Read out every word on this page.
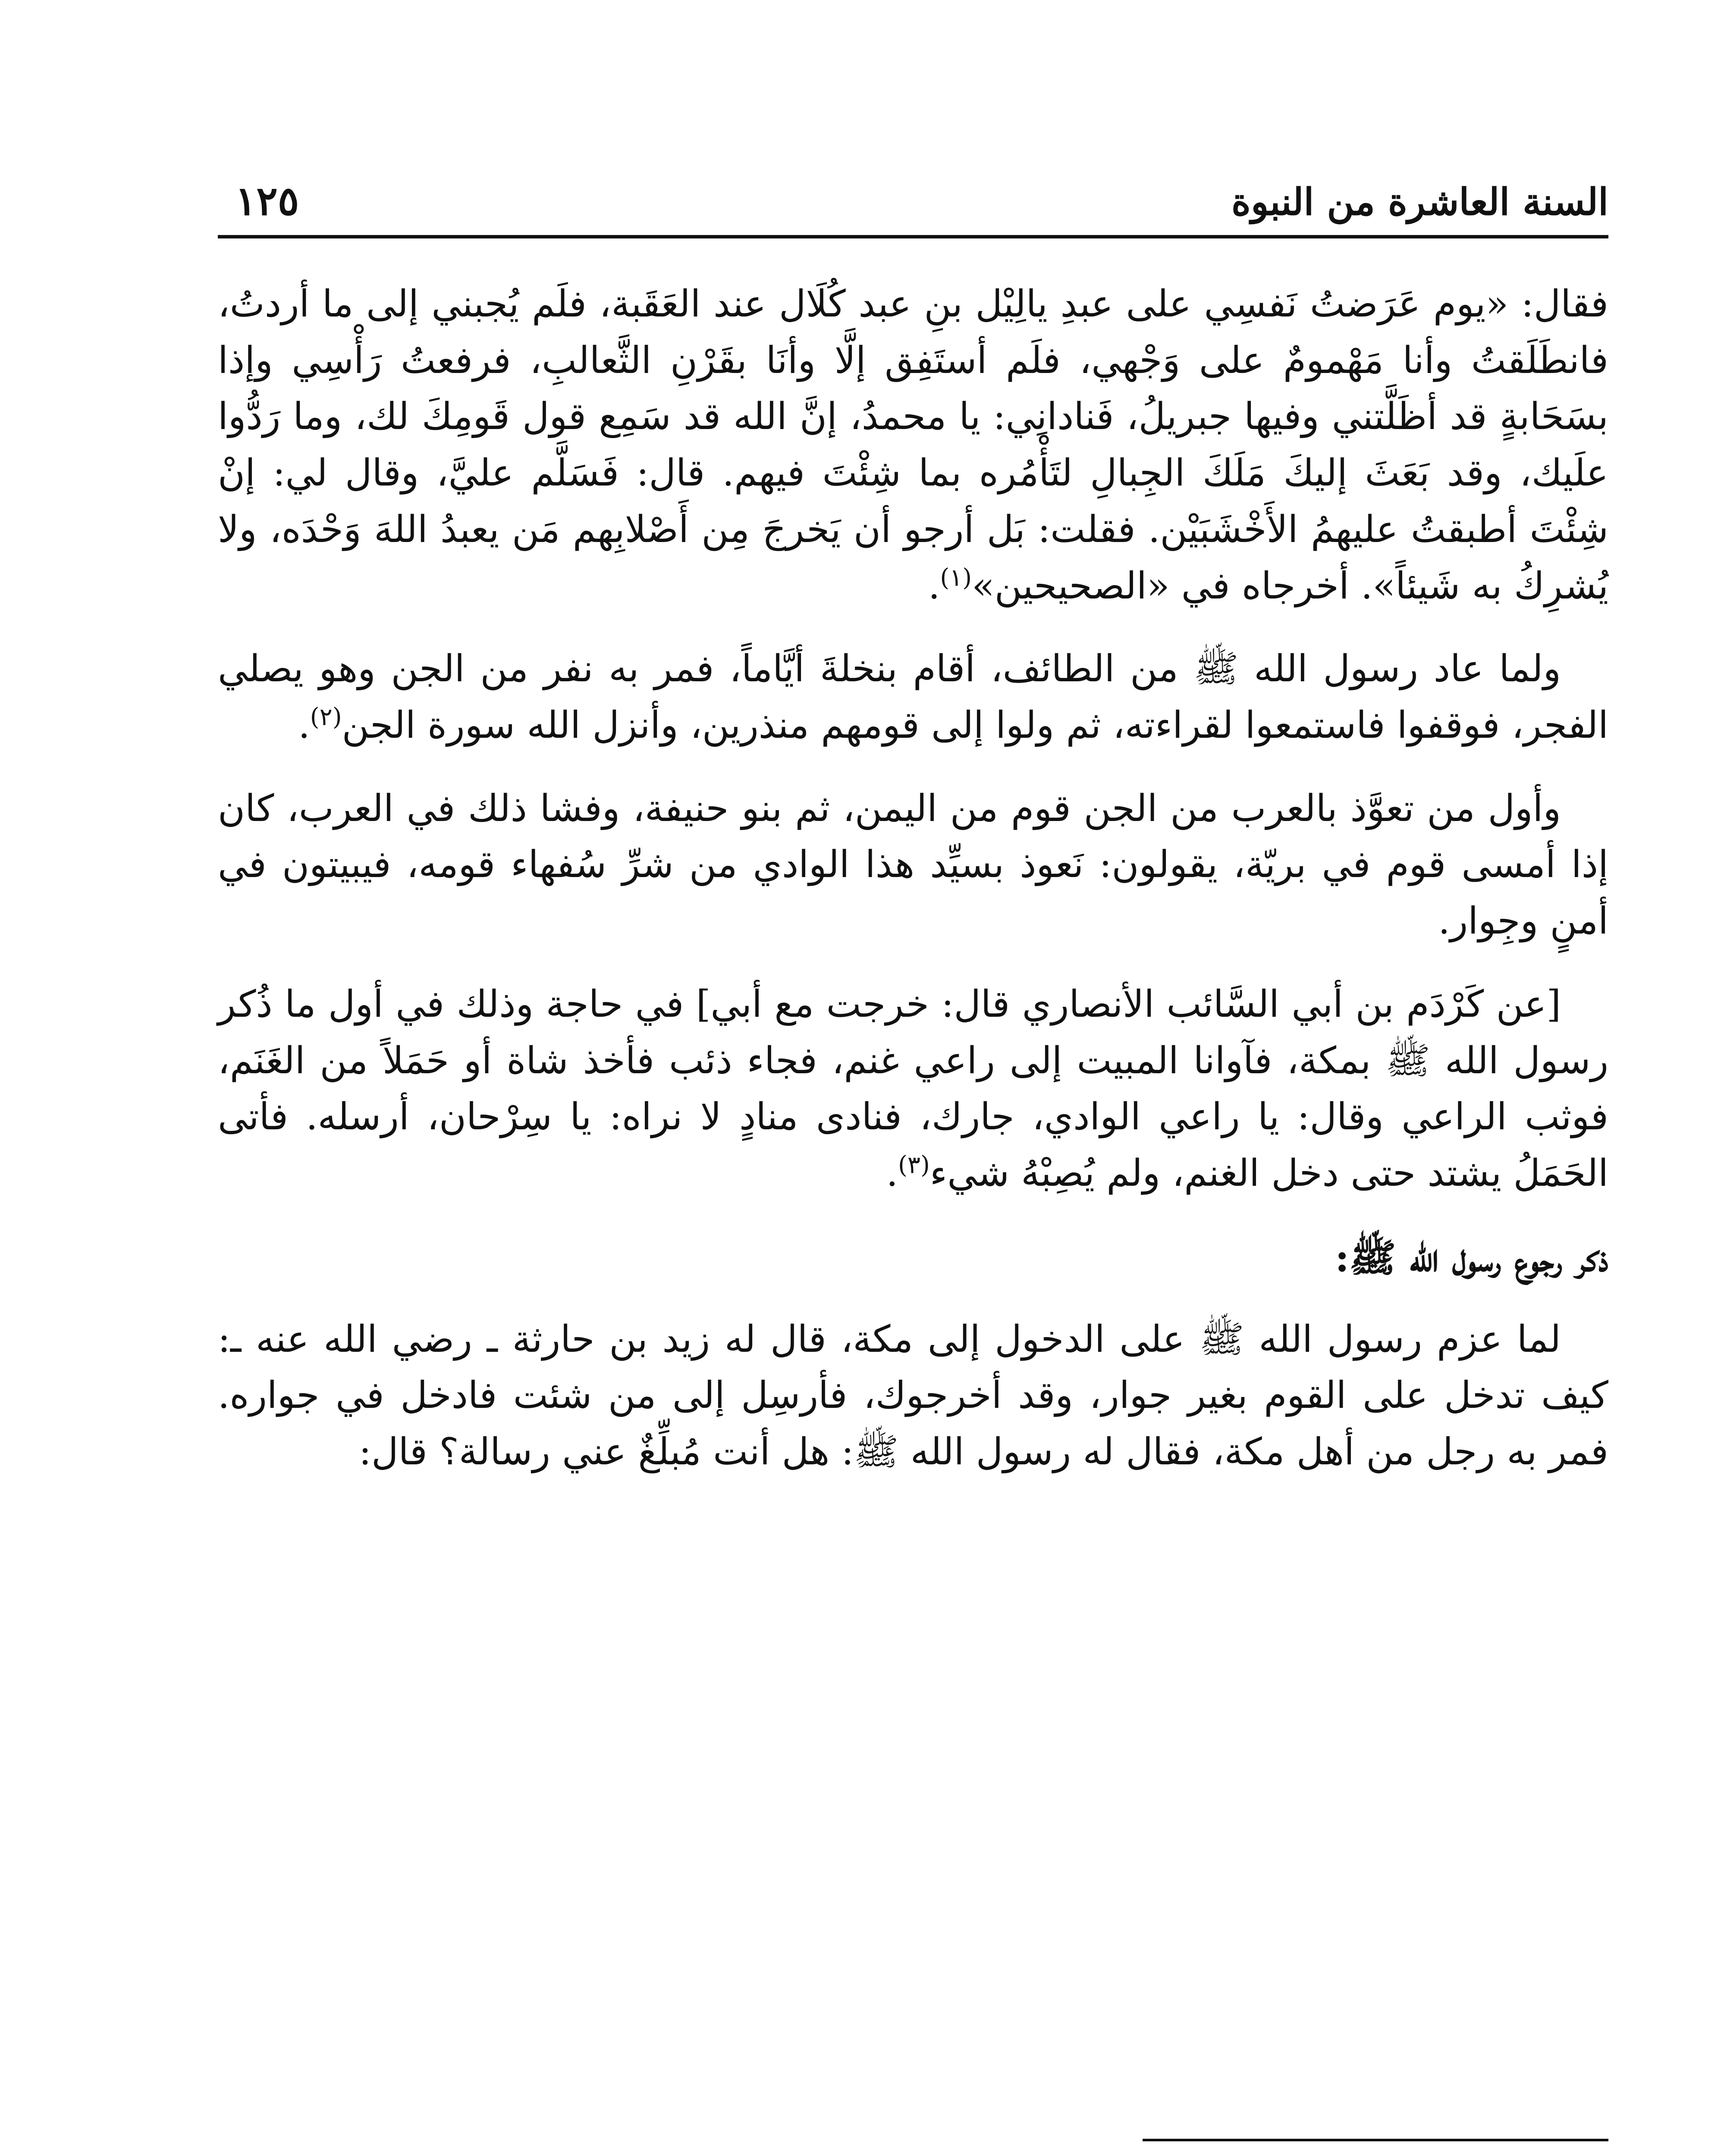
السنة العاشرة من النبوة
١٢٥

فقال: «يوم عَرَضتُ نَفسِي على عبدِ يالِيْل بنِ عبد كُلَال عند العَقَبة، فلَم يُجبني إلى ما أردتُ، فانطَلَقتُ وأنا مَهْمومٌ على وَجْهي، فلَم أستَفِق إلَّا وأنَا بقَرْنِ الثَّعالبِ، فرفعتُ رَأْسِي وإذا بسَحَابةٍ قد أظَلَّتني وفيها جبريلُ، فَنادانِي: يا محمدُ، إنَّ الله قد سَمِع قول قَومِكَ لك، وما رَدُّوا علَيك، وقد بَعَثَ إليكَ مَلَكَ الجِبالِ لتَأْمُره بما شِئْتَ فيهم. قال: فَسَلَّم عليَّ، وقال لي: إنْ شِئْتَ أطبقتُ عليهمُ الأَخْشَبَيْن. فقلت: بَل أرجو أن يَخرجَ مِن أَصْلابِهم مَن يعبدُ اللهَ وَحْدَه، ولا يُشرِكُ به شَيئاً». أخرجاه في «الصحيحين»$^{(١)}$.

ولما عاد رسول الله ﷺ من الطائف، أقام بنخلةَ أيَّاماً، فمر به نفر من الجن وهو يصلي الفجر، فوقفوا فاستمعوا لقراءته، ثم ولوا إلى قومهم منذرين، وأنزل الله سورة الجن$^{(٢)}$.

وأول من تعوَّذ بالعرب من الجن قوم من اليمن، ثم بنو حنيفة، وفشا ذلك في العرب، كان إذا أمسى قوم في بريّة، يقولون: نَعوذ بسيِّد هذا الوادي من شرِّ سُفهاء قومه، فيبيتون في أمنٍ وجِوار.

[عن كَرْدَم بن أبي السَّائب الأنصاري قال: خرجت مع أبي] في حاجة وذلك في أول ما ذُكر رسول الله ﷺ بمكة، فآوانا المبيت إلى راعي غنم، فجاء ذئب فأخذ شاة أو حَمَلاً من الغَنَم، فوثب الراعي وقال: يا راعي الوادي، جارك، فنادى منادٍ لا نراه: يا سِرْحان، أرسله. فأتى الحَمَلُ يشتد حتى دخل الغنم، ولم يُصِبْهُ شيء$^{(٣)}$.

ذكر رجوع رسول الله ﷺ:

لما عزم رسول الله ﷺ على الدخول إلى مكة، قال له زيد بن حارثة ـ رضي الله عنه ـ: كيف تدخل على القوم بغير جوار، وقد أخرجوك، فأرسِل إلى من شئت فادخل في جواره. فمر به رجل من أهل مكة، فقال له رسول الله ﷺ: هل أنت مُبلِّغٌ عني رسالة؟ قال:
